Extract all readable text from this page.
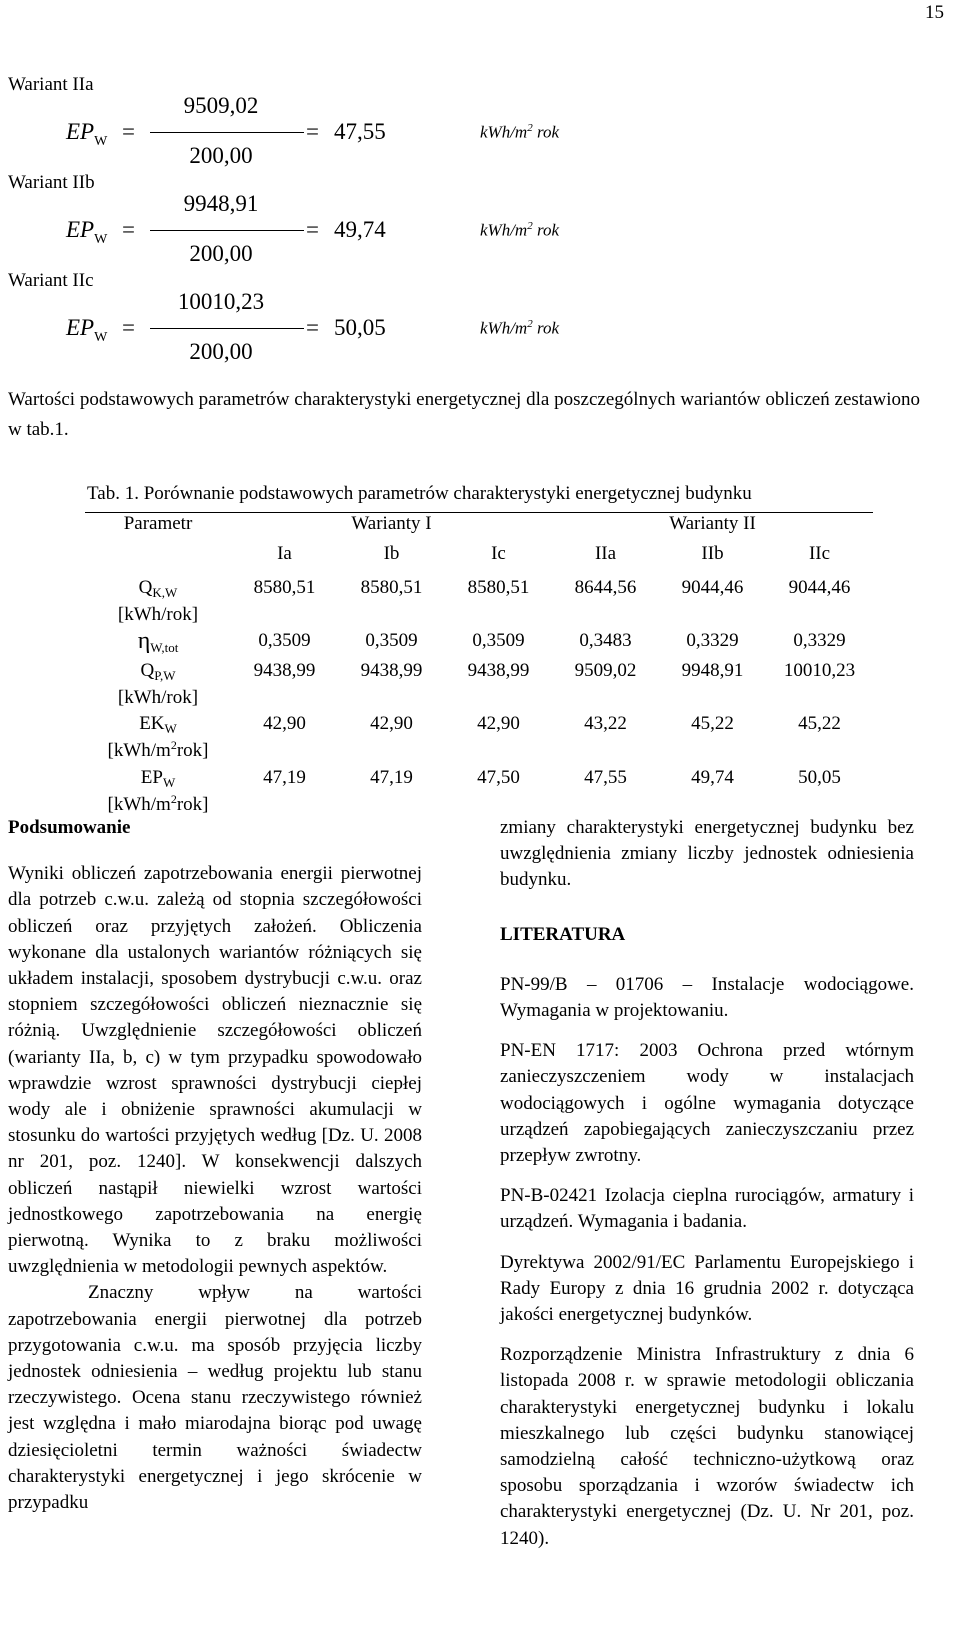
15
Wariant IIa
$EP_W$ =
9509,02
200,00
= 47,55	kWh/$m^2$ rok
Wariant IIb
$EP_W$ =
9948,91
200,00
= 49,74	kWh/$m^2$ rok
Wariant IIc
$EP_W$ =
10010,23
200,00
= 50,05	kWh/$m^2$ rok
Wartości podstawowych parametrów charakterystyki energetycznej dla poszczególnych wariantów obliczeń zestawiono w tab.1.
Tab. 1. Porównanie podstawowych parametrów charakterystyki energetycznej budynku
Parametr	Warianty I			Warianty II		
	Ia	Ib	Ic	IIa	IIb	IIc
$Q_{K,W}$
[kWh/rok]	8580,51	8580,51	8580,51	8644,56	9044,46	9044,46
$\eta_{W,tot}$	0,3509	0,3509	0,3509	0,3483	0,3329	0,3329
$Q_{P,W}$
[kWh/rok]	9438,99	9438,99	9438,99	9509,02	9948,91	10010,23
$EK_W$
$[kWh/m^2rok]$	42,90	42,90	42,90	43,22	45,22	45,22
$EP_W$
$[kWh/m^2rok]$	47,19	47,19	47,50	47,55	49,74	50,05

Podsumowanie

Wyniki obliczeń zapotrzebowania energii pierwotnej dla potrzeb c.w.u. zależą od stopnia szczegółowości obliczeń oraz przyjętych założeń. Obliczenia wykonane dla ustalonych wariantów różniących się układem instalacji, sposobem dystrybucji c.w.u. oraz stopniem szczegółowości obliczeń nieznacznie się różnią. Uwzględnienie szczegółowości obliczeń (warianty IIa, b, c) w tym przypadku spowodowało wprawdzie wzrost sprawności dystrybucji ciepłej wody ale i obniżenie sprawności akumulacji w stosunku do wartości przyjętych według [Dz. U. 2008 nr 201, poz. 1240]. W konsekwencji dalszych obliczeń nastąpił niewielki wzrost wartości jednostkowego zapotrzebowania na energię pierwotną. Wynika to z braku możliwości uwzględnienia w metodologii pewnych aspektów.

Znaczny wpływ na wartości zapotrzebowania energii pierwotnej dla potrzeb przygotowania c.w.u. ma sposób przyjęcia liczby jednostek odniesienia – według projektu lub stanu rzeczywistego. Ocena stanu rzeczywistego również jest względna i mało miarodajna biorąc pod uwagę dziesięcioletni termin ważności świadectw charakterystyki energetycznej i jego skrócenie w przypadku

zmiany charakterystyki energetycznej budynku bez uwzględnienia zmiany liczby jednostek odniesienia budynku.

LITERATURA

PN-99/B – 01706 – Instalacje wodociągowe. Wymagania w projektowaniu.

PN-EN 1717: 2003 Ochrona przed wtórnym zanieczyszczeniem wody w instalacjach wodociągowych i ogólne wymagania dotyczące urządzeń zapobiegających zanieczyszczaniu przez przepływ zwrotny.

PN-B-02421 Izolacja cieplna rurociągów, armatury i urządzeń. Wymagania i badania.

Dyrektywa 2002/91/EC Parlamentu Europejskiego i Rady Europy z dnia 16 grudnia 2002 r. dotycząca jakości energetycznej budynków.

Rozporządzenie Ministra Infrastruktury z dnia 6 listopada 2008 r. w sprawie metodologii obliczania charakterystyki energetycznej budynku i lokalu mieszkalnego lub części budynku stanowiącej samodzielną całość techniczno-użytkową oraz sposobu sporządzania i wzorów świadectw ich charakterystyki energetycznej (Dz. U. Nr 201, poz. 1240).
